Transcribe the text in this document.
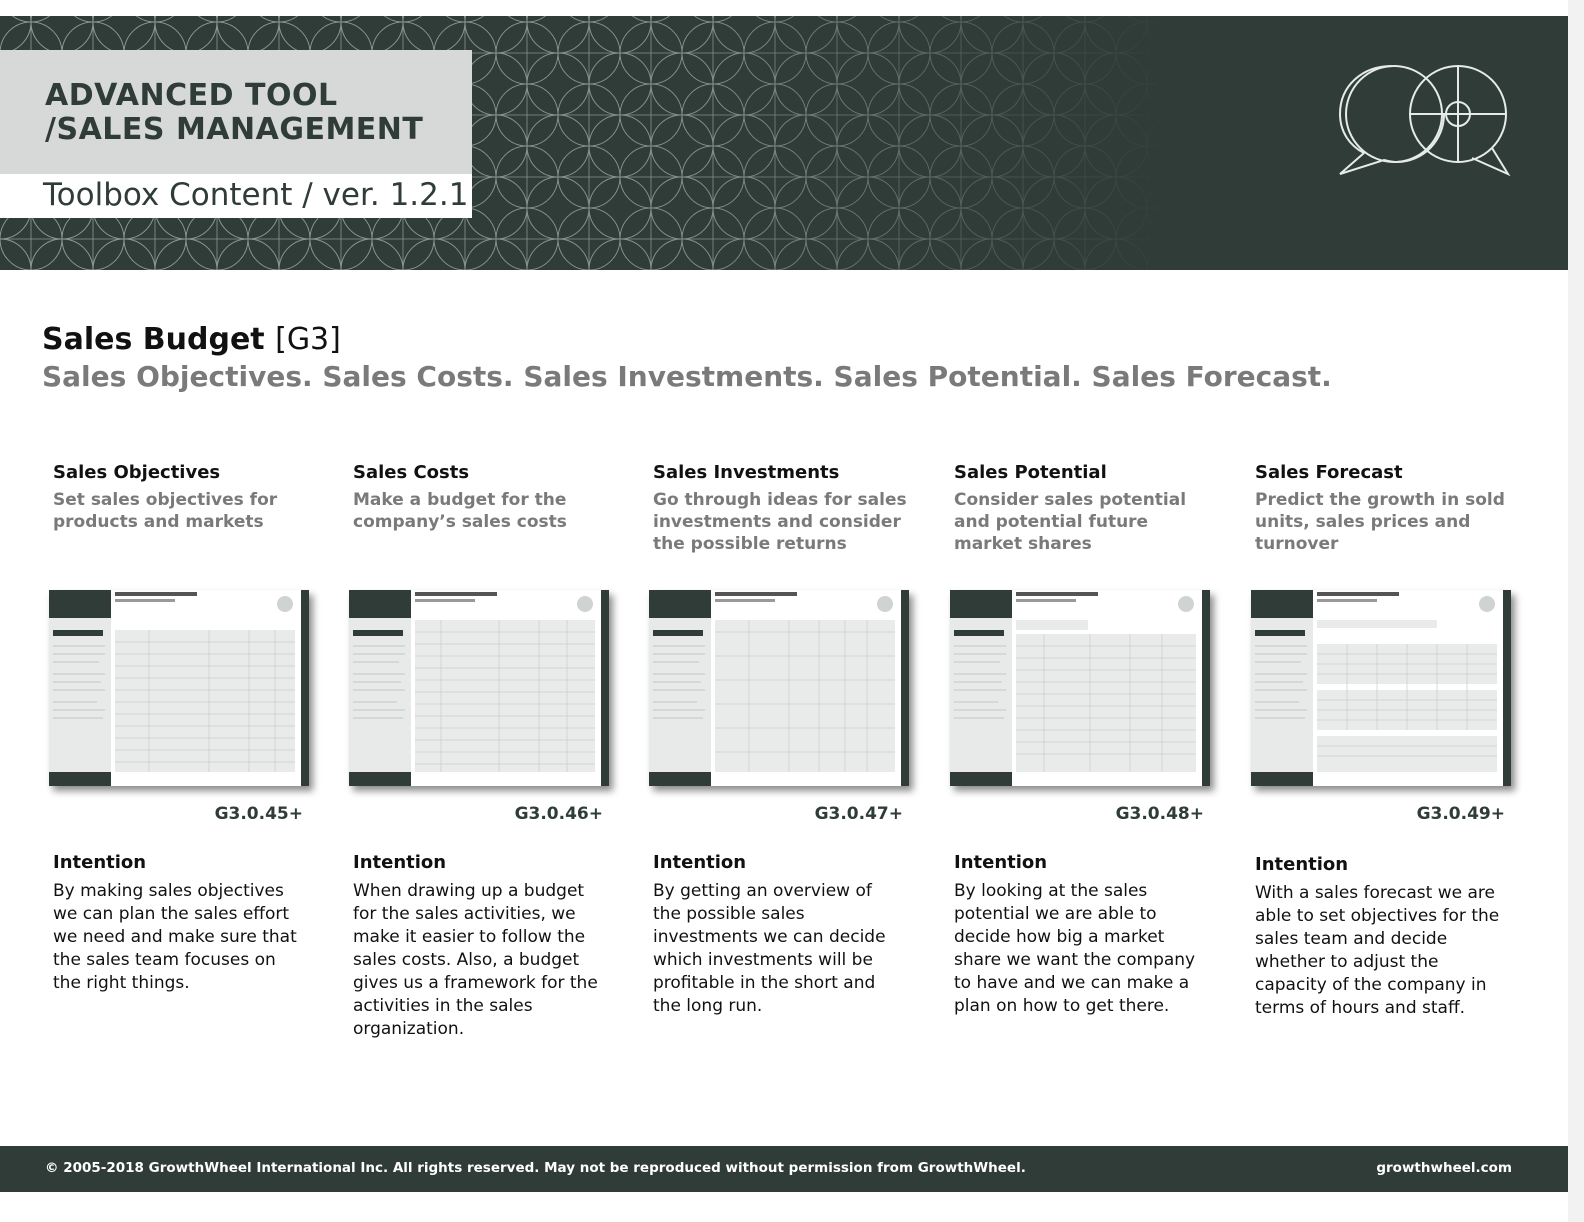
ADVANCED TOOL
/SALES MANAGEMENT
Toolbox Content / ver. 1.2.1
Sales Budget [G3]

Sales Objectives. Sales Costs. Sales Investments. Sales Potential. Sales Forecast.

Sales Objectives

Set sales objectives for products and markets

G3.0.45+
Intention

By making sales objectives we can plan the sales effort we need and make sure that the sales team focuses on the right things.

Sales Costs

Make a budget for the company’s sales costs

G3.0.46+
Intention

When drawing up a budget for the sales activities, we make it easier to follow the sales costs. Also, a budget gives us a framework for the activities in the sales organization.

Sales Investments

Go through ideas for sales investments and consider the possible returns

G3.0.47+
Intention

By getting an overview of the possible sales investments we can decide which investments will be profitable in the short and the long run.

Sales Potential

Consider sales potential and potential future market shares

G3.0.48+
Intention

By looking at the sales potential we are able to decide how big a market share we want the company to have and we can make a plan on how to get there.

Sales Forecast

Predict the growth in sold units, sales prices and turnover

G3.0.49+
Intention

With a sales forecast we are able to set objectives for the sales team and decide whether to adjust the capacity of the company in terms of hours and staff.

© 2005-2018 GrowthWheel International Inc. All rights reserved. May not be reproduced without permission from GrowthWheel.	growthwheel.com
